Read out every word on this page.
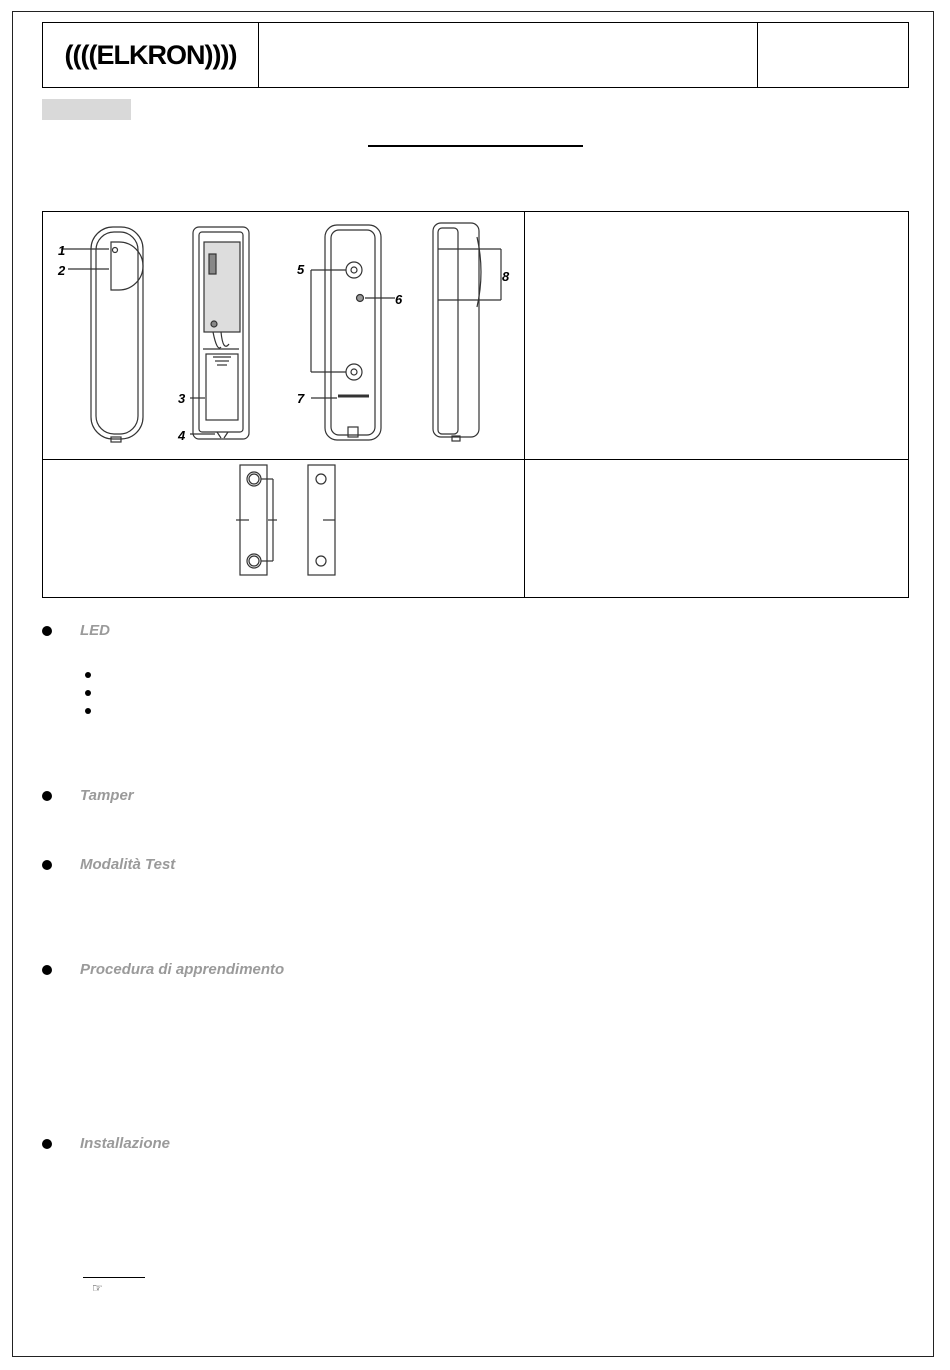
((((ELKRON))))
1
2
3
4
5
6
7
8
LED
Tamper
Modalità Test
Procedura di apprendimento
Installazione
☞
